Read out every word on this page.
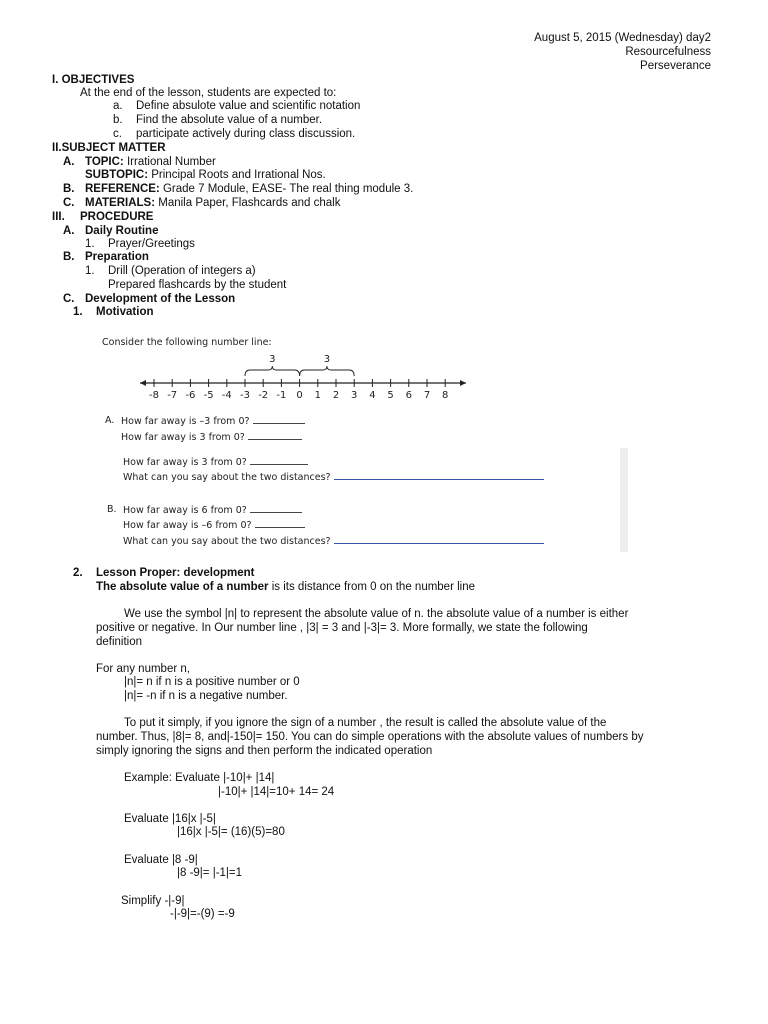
August 5, 2015 (Wednesday) day2
Resourcefulness
Perseverance
I. OBJECTIVES
At the end of the lesson, students are expected to:
a. Define absulote value and scientific notation
b. Find the absolute value of a number.
c. participate actively during class discussion.
II.SUBJECT MATTER
A. TOPIC: Irrational Number
SUBTOPIC: Principal Roots and Irrational Nos.
B. REFERENCE: Grade 7 Module, EASE- The real thing module 3.
C. MATERIALS: Manila Paper, Flashcards and chalk
III. PROCEDURE
A. Daily Routine
1. Prayer/Greetings
B. Preparation
1. Drill (Operation of integers a)
Prepared flashcards by the student
C. Development of the Lesson
1. Motivation
Consider the following number line:
3	3
-8 -7 -6 -5 -4 -3 -2 -1 0 1 2 3 4 5 6 7 8
A. How far away is –3 from 0?
How far away is 3 from 0?
How far away is 3 from 0?
What can you say about the two distances?
B. How far away is 6 from 0?
How far away is –6 from 0?
What can you say about the two distances?
2. Lesson Proper: development
The absolute value of a number is its distance from 0 on the number line
We use the symbol |n| to represent the absolute value of n. the absolute value of a number is either
positive or negative. In Our number line , |3| = 3 and |-3|= 3. More formally, we state the following
definition
For any number n,
|n|= n if n is a positive number or 0
|n|= -n if n is a negative number.
To put it simply, if you ignore the sign of a number , the result is called the absolute value of the
number. Thus, |8|= 8, and|-150|= 150. You can do simple operations with the absolute values of numbers by
simply ignoring the signs and then perform the indicated operation
Example: Evaluate |-10|+ |14|
|-10|+ |14|=10+ 14= 24
Evaluate |16|x |-5|
|16|x |-5|= (16)(5)=80
Evaluate |8 -9|
|8 -9|= |-1|=1
Simplify -|-9|
-|-9|=-(9) =-9
